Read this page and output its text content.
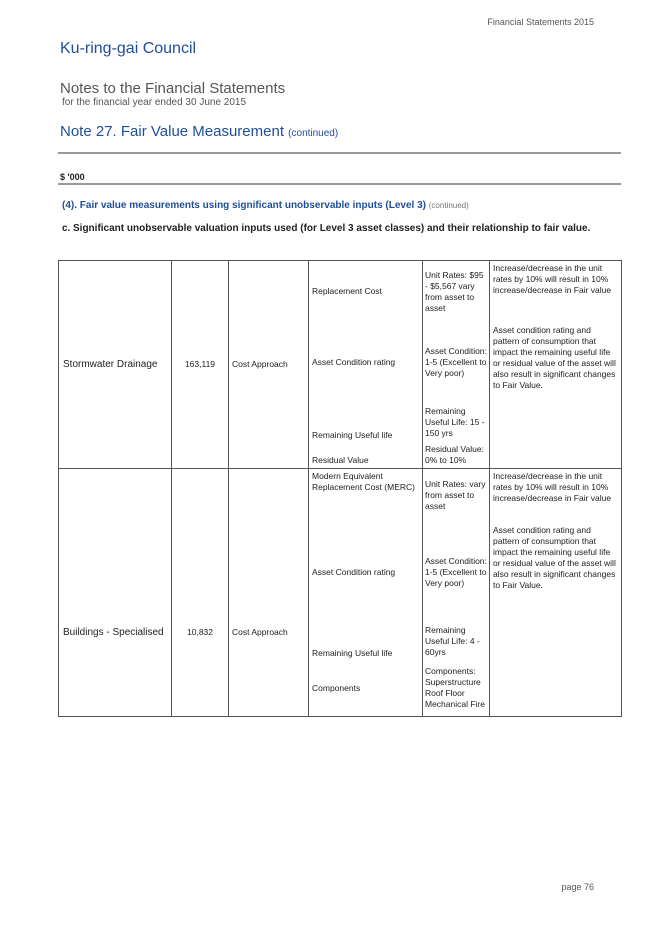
Financial Statements 2015
Ku-ring-gai Council
Notes to the Financial Statements
for the financial year ended 30 June 2015
Note 27. Fair Value Measurement (continued)
$ '000
(4). Fair value measurements using significant unobservable inputs (Level 3) (continued)
c. Significant unobservable valuation inputs used (for Level 3 asset classes) and their relationship to fair value.
Stormwater Drainage	163,119	Cost Approach	Replacement Cost	Unit Rates: $95 - $5,567 vary from asset to asset	Increase/decrease in the unit rates by 10% will result in 10% increase/decrease in Fair value

			Asset Condition rating	Asset Condition: 1-5 (Excellent to Very poor)	Asset condition rating and pattern of consumption that impact the remaining useful life or residual value of the asset will also result in significant changes to Fair Value.

			Remaining Useful life	Remaining Useful Life: 15 - 150 yrs	

			Residual Value	Residual Value: 0% to 10%	

Buildings - Specialised	10,832	Cost Approach	Modern Equivalent Replacement Cost (MERC)	Unit Rates: vary from asset to asset	Increase/decrease in the unit rates by 10% will result in 10% increase/decrease in Fair value

			Asset Condition rating	Asset Condition: 1-5 (Excellent to Very poor)	Asset condition rating and pattern of consumption that impact the remaining useful life or residual value of the asset will also result in significant changes to Fair Value.

			Remaining Useful life	Remaining Useful Life: 4 - 60yrs	

			Components	Components: Superstructure Roof Floor Mechanical Fire	

page 76
